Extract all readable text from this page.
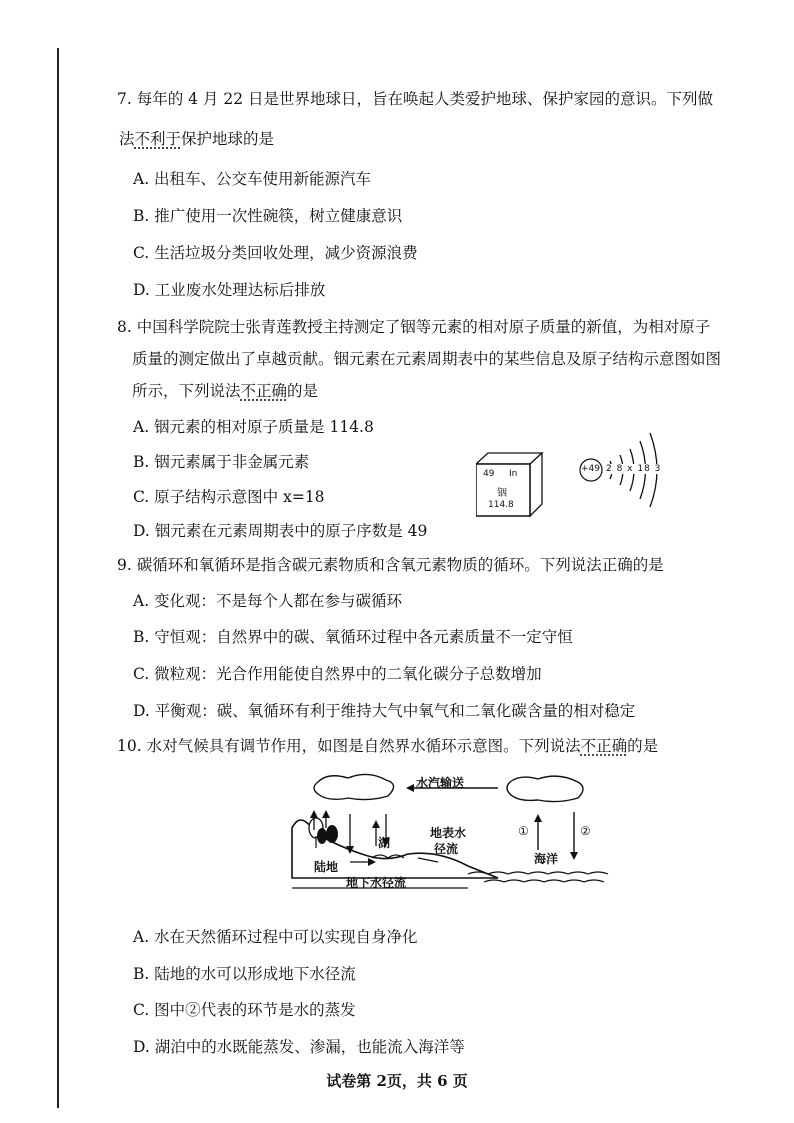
7. 每年的 4 月 22 日是世界地球日，旨在唤起人类爱护地球、保护家园的意识。下列做
法不利于保护地球的是
A. 出租车、公交车使用新能源汽车
B. 推广使用一次性碗筷，树立健康意识
C. 生活垃圾分类回收处理，减少资源浪费
D. 工业废水处理达标后排放
8. 中国科学院院士张青莲教授主持测定了铟等元素的相对原子质量的新值，为相对原子
质量的测定做出了卓越贡献。铟元素在元素周期表中的某些信息及原子结构示意图如图
所示，下列说法不正确的是
A. 铟元素的相对原子质量是 114.8
B. 铟元素属于非金属元素
C. 原子结构示意图中 x=18
D. 铟元素在元素周期表中的原子序数是 49
49 In
铟
114.8
+49 2 8 x 18 3
9. 碳循环和氧循环是指含碳元素物质和含氧元素物质的循环。下列说法正确的是
A. 变化观：不是每个人都在参与碳循环
B. 守恒观：自然界中的碳、氧循环过程中各元素质量不一定守恒
C. 微粒观：光合作用能使自然界中的二氧化碳分子总数增加
D. 平衡观：碳、氧循环有利于维持大气中氧气和二氧化碳含量的相对稳定
10. 水对气候具有调节作用，如图是自然界水循环示意图。下列说法不正确的是
水汽输送
湖
地表水
径流
陆地
地下水径流
海洋
①	②
A. 水在天然循环过程中可以实现自身净化
B. 陆地的水可以形成地下水径流
C. 图中②代表的环节是水的蒸发
D. 湖泊中的水既能蒸发、渗漏，也能流入海洋等
试卷第 2页，共 6 页
